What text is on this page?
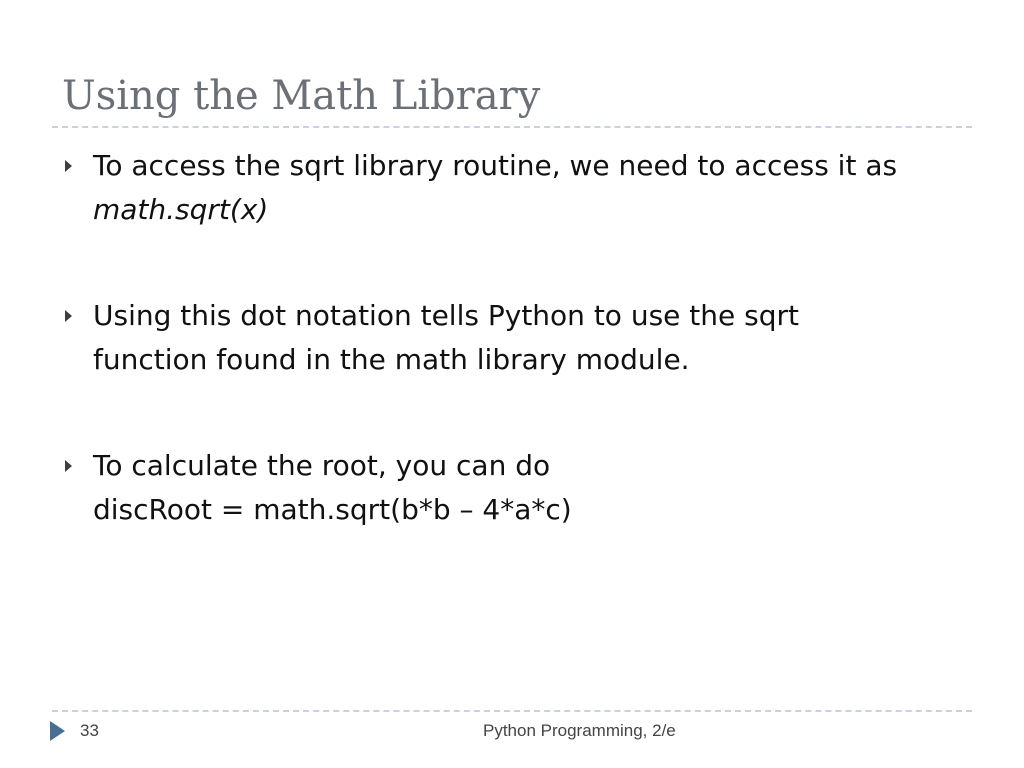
Using the Math Library
To access the sqrt library routine, we need to access it as
math.sqrt(x)
Using this dot notation tells Python to use the sqrt
function found in the math library module.
To calculate the root, you can do
discRoot = math.sqrt(b*b – 4*a*c)
33	Python Programming, 2/e
